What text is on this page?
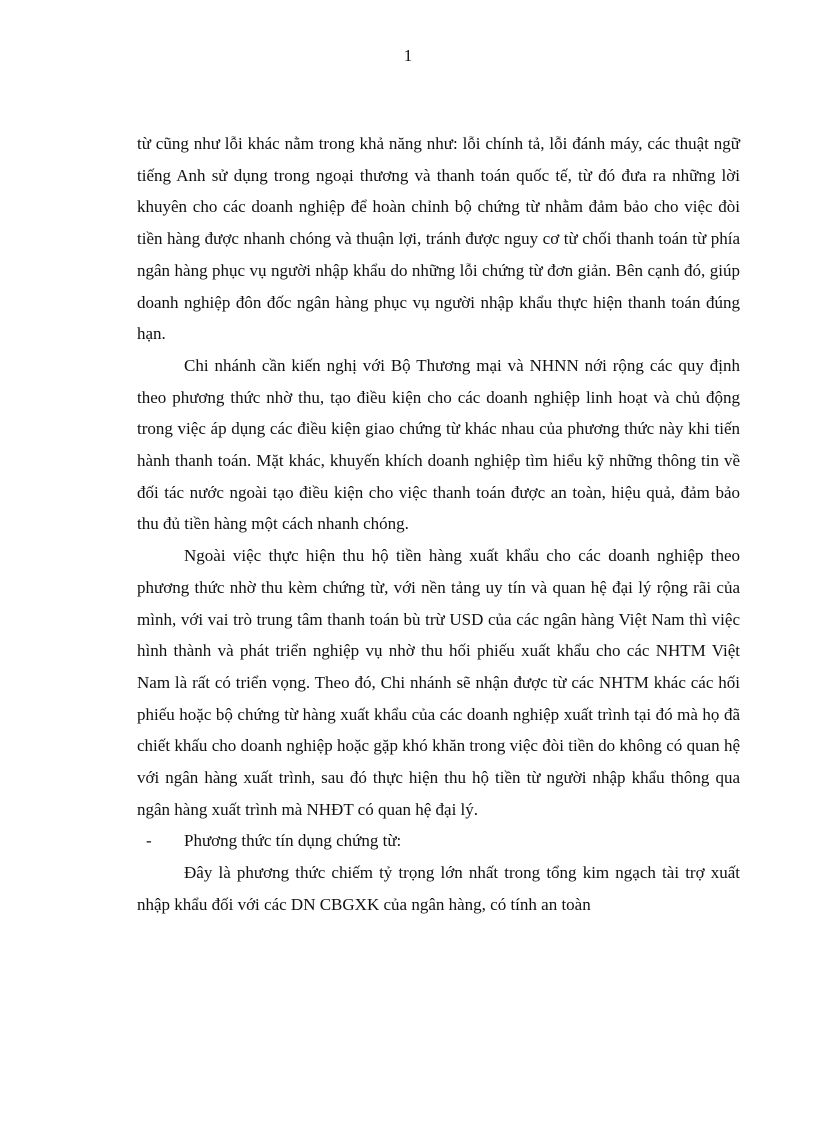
1

từ cũng như lỗi khác nằm trong khả năng như: lỗi chính tả, lỗi đánh máy, các thuật ngữ tiếng Anh sử dụng trong ngoại thương và thanh toán quốc tế, từ đó đưa ra những lời khuyên cho các doanh nghiệp để hoàn chỉnh bộ chứng từ nhằm đảm bảo cho việc đòi tiền hàng được nhanh chóng và thuận lợi, tránh được nguy cơ từ chối thanh toán từ phía ngân hàng phục vụ người nhập khẩu do những lỗi chứng từ đơn giản. Bên cạnh đó, giúp doanh nghiệp đôn đốc ngân hàng phục vụ người nhập khẩu thực hiện thanh toán đúng hạn.

Chi nhánh cần kiến nghị với Bộ Thương mại và NHNN nới rộng các quy định theo phương thức nhờ thu, tạo điều kiện cho các doanh nghiệp linh hoạt và chủ động trong việc áp dụng các điều kiện giao chứng từ khác nhau của phương thức này khi tiến hành thanh toán. Mặt khác, khuyến khích doanh nghiệp tìm hiểu kỹ những thông tin về đối tác nước ngoài tạo điều kiện cho việc thanh toán được an toàn, hiệu quả, đảm bảo thu đủ tiền hàng một cách nhanh chóng.

Ngoài việc thực hiện thu hộ tiền hàng xuất khẩu cho các doanh nghiệp theo phương thức nhờ thu kèm chứng từ, với nền tảng uy tín và quan hệ đại lý rộng rãi của mình, với vai trò trung tâm thanh toán bù trừ USD của các ngân hàng Việt Nam thì việc hình thành và phát triển nghiệp vụ nhờ thu hối phiếu xuất khẩu cho các NHTM Việt Nam là rất có triển vọng. Theo đó, Chi nhánh sẽ nhận được từ các NHTM khác các hối phiếu hoặc bộ chứng từ hàng xuất khẩu của các doanh nghiệp xuất trình tại đó mà họ đã chiết khấu cho doanh nghiệp hoặc gặp khó khăn trong việc đòi tiền do không có quan hệ với ngân hàng xuất trình, sau đó thực hiện thu hộ tiền từ người nhập khẩu thông qua ngân hàng xuất trình mà NHĐT có quan hệ đại lý.

- Phương thức tín dụng chứng từ:

Đây là phương thức chiếm tỷ trọng lớn nhất trong tổng kim ngạch tài trợ xuất nhập khẩu đối với các DN CBGXK của ngân hàng, có tính an toàn
